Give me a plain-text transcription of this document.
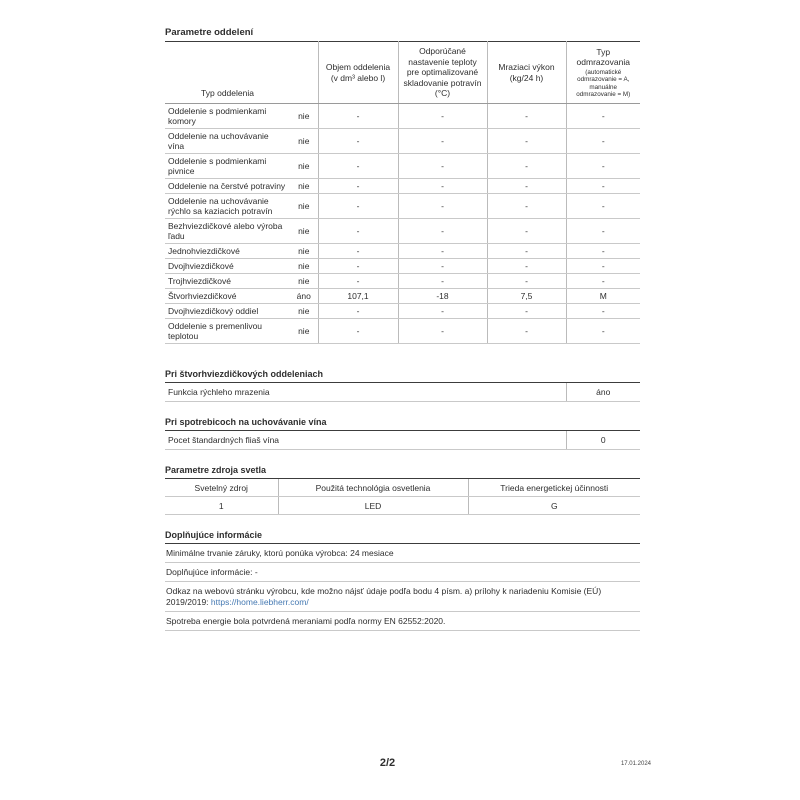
Parametre oddelení
Typ oddelenia		Objem oddelenia (v dm³ alebo l)	Odporúčané nastavenie teploty pre optimalizované skladovanie potravín (°C)	Mraziaci výkon (kg/24 h)	Typ odmrazovania
(automatické odmrazovanie = A, manuálne odmrazovanie = M)

Oddelenie s podmienkami komory	nie	-	-	-	-
Oddelenie na uchovávanie vína	nie	-	-	-	-
Oddelenie s podmienkami pivnice	nie	-	-	-	-
Oddelenie na čerstvé potraviny	nie	-	-	-	-
Oddelenie na uchovávanie rýchlo sa kaziacich potravín	nie	-	-	-	-
Bezhviezdičkové alebo výroba ľadu	nie	-	-	-	-
Jednohviezdičkové	nie	-	-	-	-
Dvojhviezdičkové	nie	-	-	-	-
Trojhviezdičkové	nie	-	-	-	-
Štvorhviezdičkové	áno	107,1	-18	7,5	M
Dvojhviezdičkový oddiel	nie	-	-	-	-
Oddelenie s premenlivou teplotou	nie	-	-	-	-
Pri štvorhviezdičkových oddeleniach
Funkcia rýchleho mrazenia	áno
Pri spotrebicoch na uchovávanie vína
Pocet štandardných fliaš vína	0
Parametre zdroja svetla
Svetelný zdroj	Použitá technológia osvetlenia	Trieda energetickej účinnosti
1	LED	G
Doplňujúce informácie
Minimálne trvanie záruky, ktorú ponúka výrobca: 24 mesiace
Doplňujúce informácie: -
Odkaz na webovú stránku výrobcu, kde možno nájsť údaje podľa bodu 4 písm. a) prílohy k nariadeniu Komisie (EÚ) 2019/2019: https://home.liebherr.com/
Spotreba energie bola potvrdená meraniami podľa normy EN 62552:2020.
2/2	17.01.2024
